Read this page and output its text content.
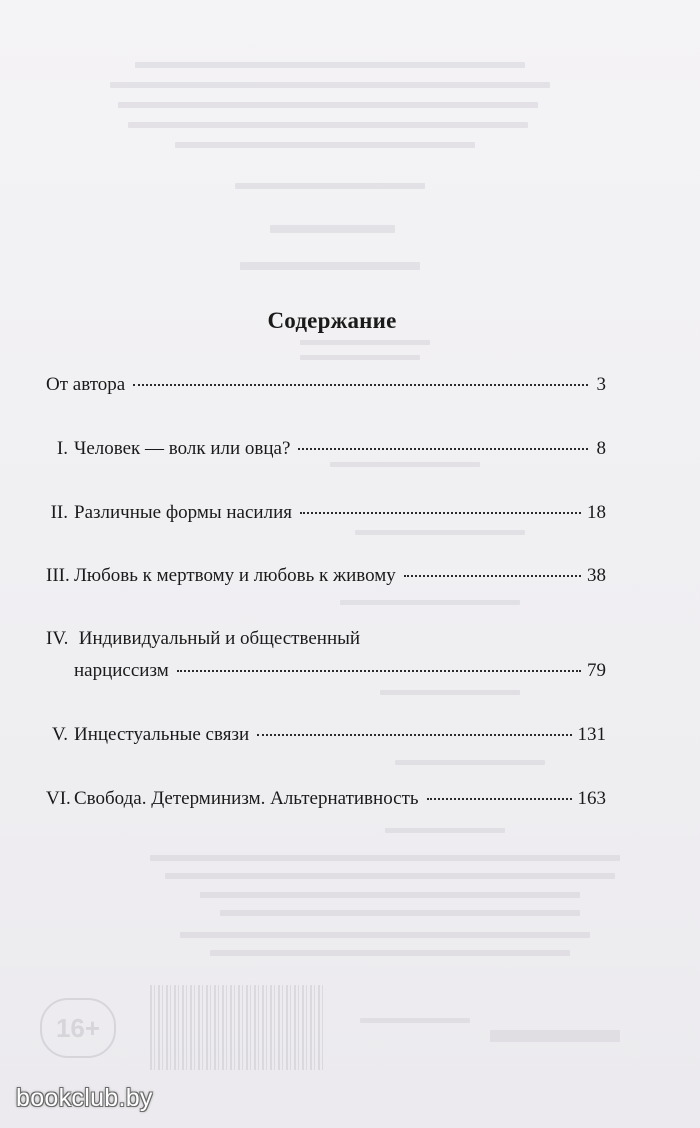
16+
Содержание
От автора	3
I. Человек — волк или овца?	8
II. Различные формы насилия	18
III. Любовь к мертвому и любовь к живому	38
IV. Индивидуальный и общественный
нарциссизм	79
V. Инцестуальные связи	131
VI. Свобода. Детерминизм. Альтернативность	163
bookclub.by
